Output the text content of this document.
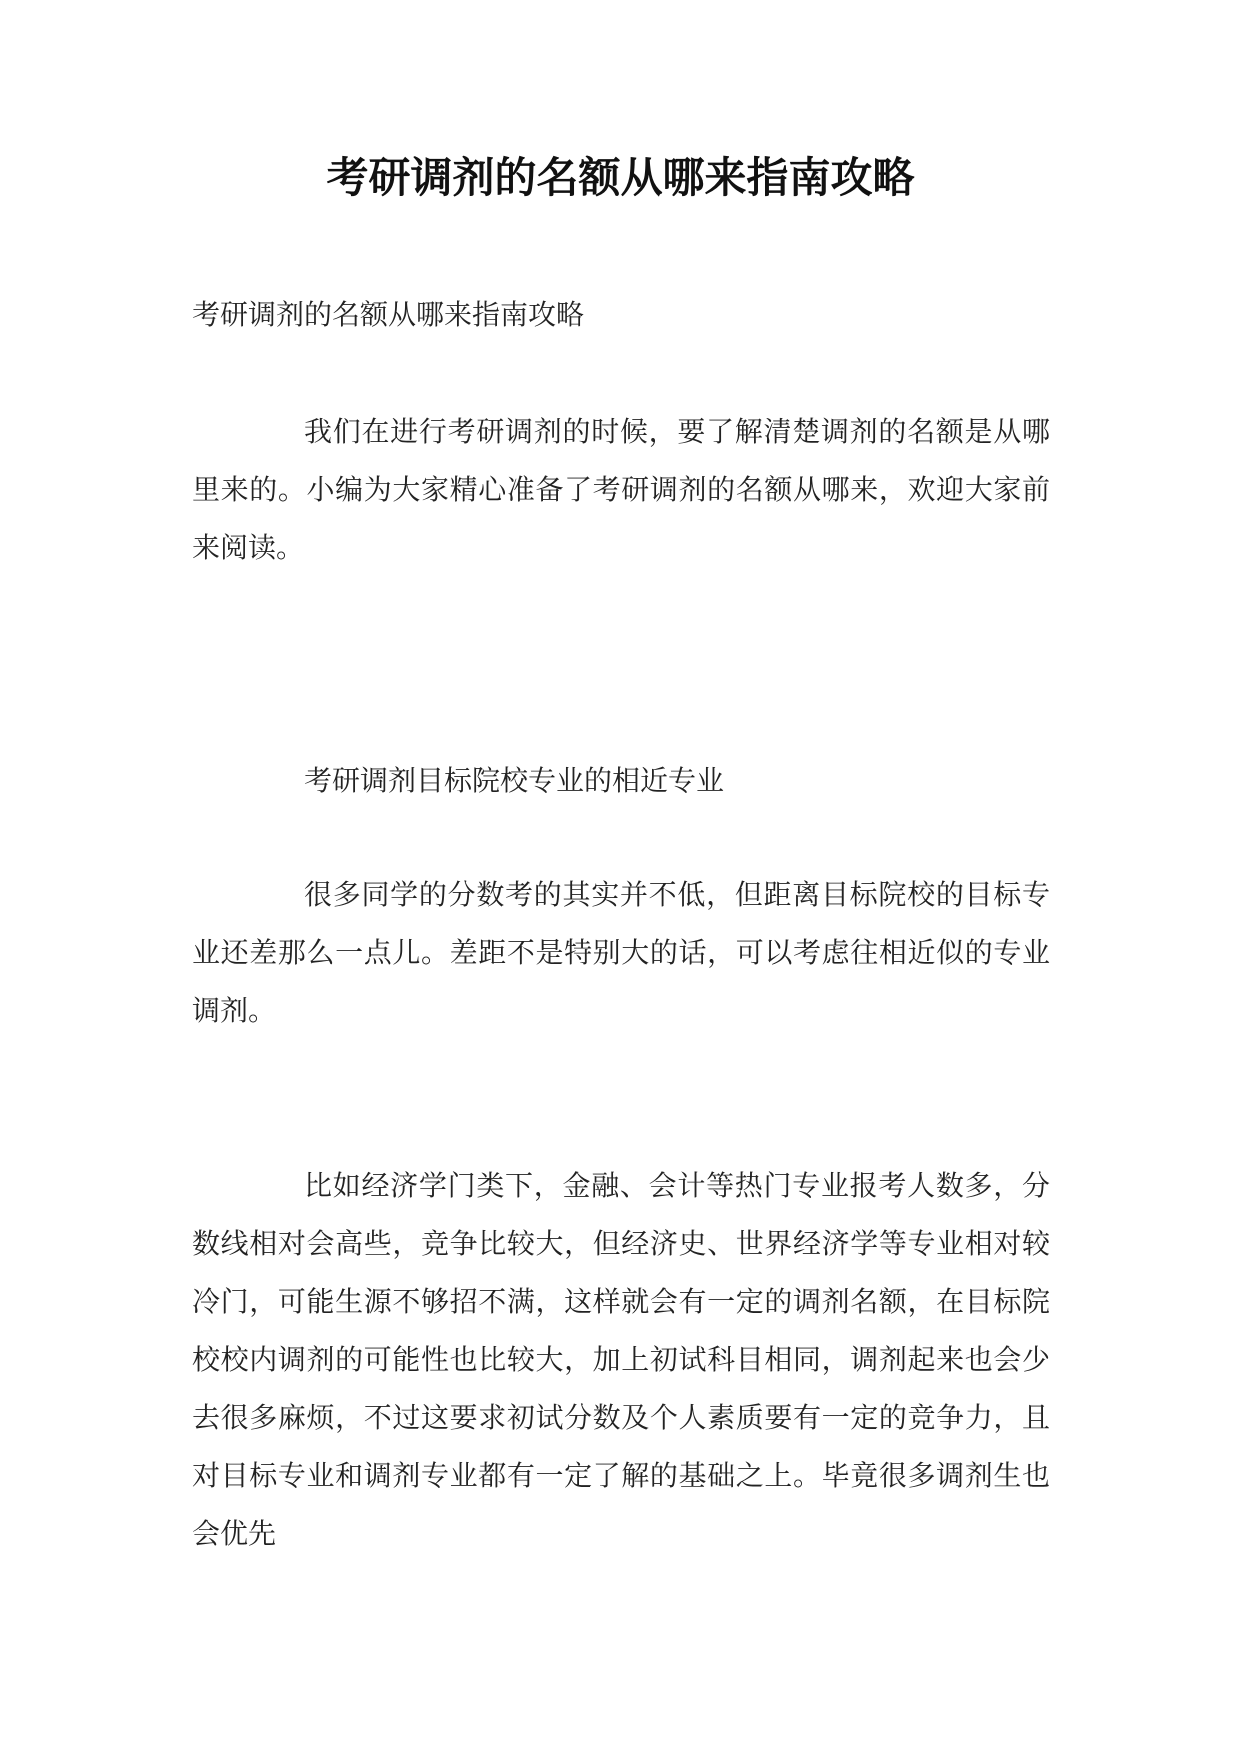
考研调剂的名额从哪来指南攻略

考研调剂的名额从哪来指南攻略

我们在进行考研调剂的时候，要了解清楚调剂的名额是从哪里来的。小编为大家精心准备了考研调剂的名额从哪来，欢迎大家前来阅读。

考研调剂目标院校专业的相近专业

很多同学的分数考的其实并不低，但距离目标院校的目标专业还差那么一点儿。差距不是特别大的话，可以考虑往相近似的专业调剂。

比如经济学门类下，金融、会计等热门专业报考人数多，分数线相对会高些，竞争比较大，但经济史、世界经济学等专业相对较冷门，可能生源不够招不满，这样就会有一定的调剂名额，在目标院校校内调剂的可能性也比较大，加上初试科目相同，调剂起来也会少去很多麻烦，不过这要求初试分数及个人素质要有一定的竞争力，且对目标专业和调剂专业都有一定了解的基础之上。毕竟很多调剂生也会优先
